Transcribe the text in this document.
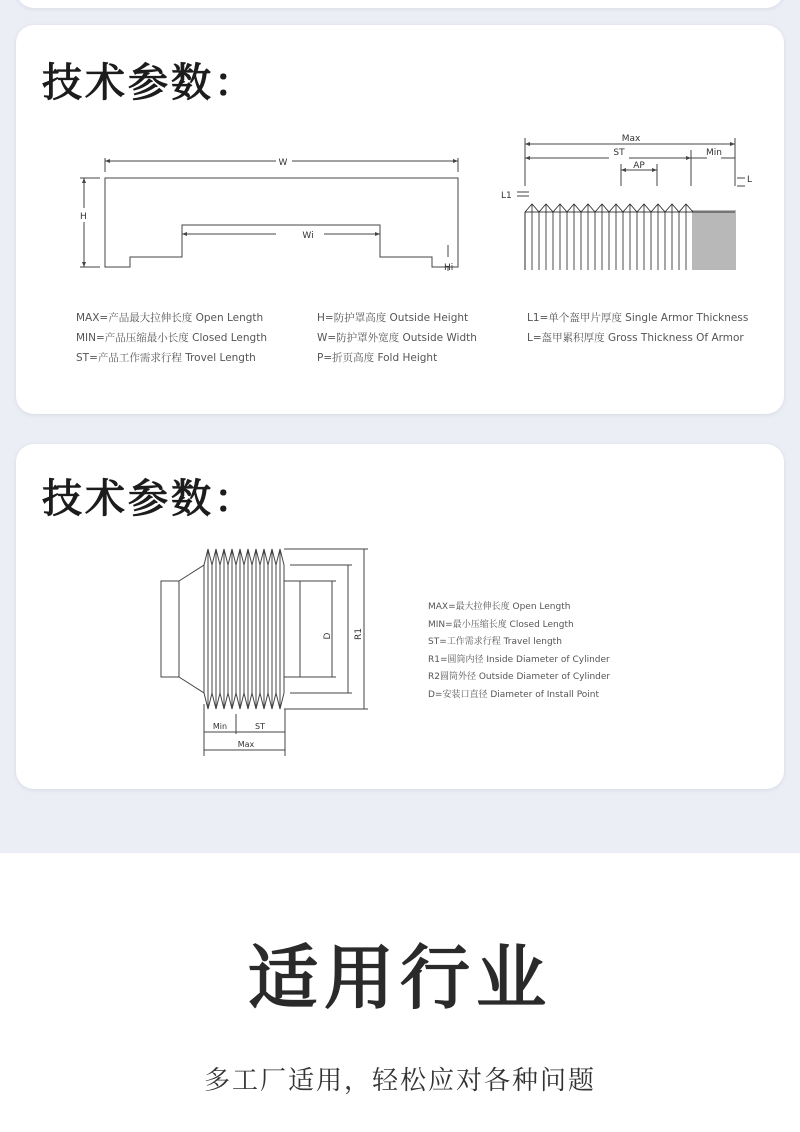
技术参数：
W
H
Wi
Hi
Max
ST
AP
Min
L
L1
MAX=产品最大拉伸长度 Open Length
MIN=产品压缩最小长度 Closed Length
ST=产品工作需求行程 Trovel Length
H=防护罩高度 Outside Height
W=防护罩外宽度 Outside Width
P=折页高度 Fold Height
L1=单个盔甲片厚度 Single Armor Thickness
L=盔甲累积厚度 Gross Thickness Of Armor
技术参数：
D R1
Min	ST
Max
MAX=最大拉伸长度 Open Length
MIN=最小压缩长度 Closed Length
ST=工作需求行程 Travel length
R1=圆筒内径 Inside Diameter of Cylinder
R2圆筒外径 Outside Diameter of Cylinder
D=安装口直径 Diameter of Install Point
适用行业

多工厂适用，轻松应对各种问题
